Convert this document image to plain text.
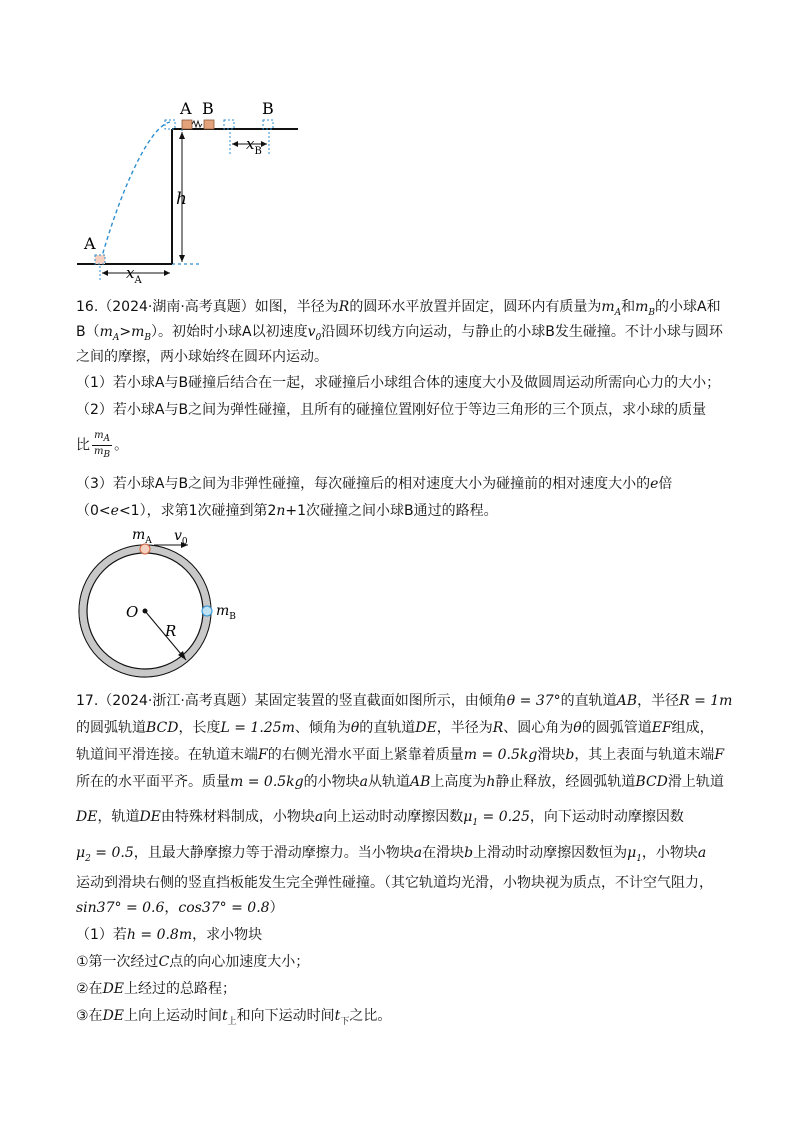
h
$x_B$
$x_A$
A B	B
A
16.（2024·湖南·高考真题）如图，半径为R的圆环水平放置并固定，圆环内有质量为$m_A$和$m_B$的小球A和
$B(m_A>m_B)$。初始时小球A以初速度$v_0$沿圆环切线方向运动，与静止的小球B发生碰撞。不计小球与圆环
之间的摩擦，两小球始终在圆环内运动。
（1）若小球A与B碰撞后结合在一起，求碰撞后小球组合体的速度大小及做圆周运动所需向心力的大小；
（2）若小球A与B之间为弹性碰撞，且所有的碰撞位置刚好位于等边三角形的三个顶点，求小球的质量
比 $\frac{m_A}{m_B}$ 。
（3）若小球A与B之间为非弹性碰撞，每次碰撞后的相对速度大小为碰撞前的相对速度大小的e倍
（0<e<1），求第1次碰撞到第2n+1次碰撞之间小球B通过的路程。
$m_A$ $v_0$
O
R
$m_B$
17.（2024·浙江·高考真题）某固定装置的竖直截面如图所示，由倾角θ = 37°的直轨道AB，半径R = 1m
的圆弧轨道BCD，长度L = 1.25m、倾角为θ的直轨道DE，半径为R、圆心角为θ的圆弧管道EF组成，
轨道间平滑连接。在轨道末端F的右侧光滑水平面上紧靠着质量m = 0.5kg滑块b，其上表面与轨道末端F
所在的水平面平齐。质量m = 0.5kg的小物块a从轨道AB上高度为h静止释放，经圆弧轨道BCD滑上轨道
DE，轨道DE由特殊材料制成，小物块a向上运动时动摩擦因数$\mu_1 = 0.25$，向下运动时动摩擦因数
$\mu_2 = 0.5$，且最大静摩擦力等于滑动摩擦力。当小物块a在滑块b上滑动时动摩擦因数恒为$\mu_1$，小物块a
运动到滑块右侧的竖直挡板能发生完全弹性碰撞。（其它轨道均光滑，小物块视为质点，不计空气阻力，
sin37° = 0.6，cos37° = 0.8）
（1）若h = 0.8m，求小物块
①第一次经过C点的向心加速度大小；
②在DE上经过的总路程；
③在DE上向上运动时间$t_上$和向下运动时间$t_下$之比。
